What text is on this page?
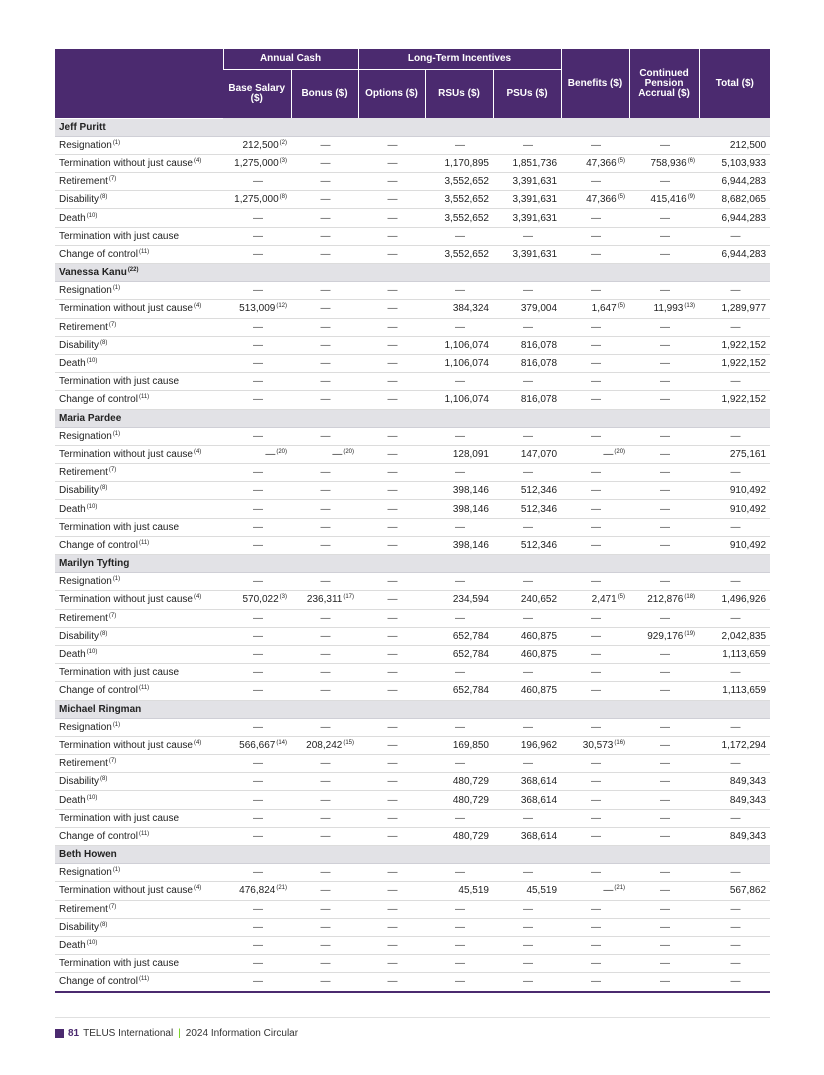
	Annual Cash		Long-Term Incentives			Benefits ($)	Continued Pension Accrual ($)	Total ($)
	Base Salary ($)	Bonus ($)	Options ($)	RSUs ($)	PSUs ($)			
Jeff Puritt								
Resignation$^{(1)}$	212,500$^{(2)}$	—	—	—	—	—	—	212,500
Termination without just cause$^{(4)}$	1,275,000$^{(3)}$	—	—	1,170,895	1,851,736	47,366$^{(5)}$	758,936$^{(6)}$	5,103,933
Retirement$^{(7)}$	—	—	—	3,552,652	3,391,631	—	—	6,944,283
Disability$^{(8)}$	1,275,000$^{(8)}$	—	—	3,552,652	3,391,631	47,366$^{(5)}$	415,416$^{(9)}$	8,682,065
Death$^{(10)}$	—	—	—	3,552,652	3,391,631	—	—	6,944,283
Termination with just cause	—	—	—	—	—	—	—	—
Change of control$^{(11)}$	—	—	—	3,552,652	3,391,631	—	—	6,944,283
Vanessa Kanu$^{(22)}$
Resignation$^{(1)}$	—	—	—	—	—	—	—	—
Termination without just cause$^{(4)}$	513,009$^{(12)}$	—	—	384,324	379,004	1,647$^{(5)}$	11,993$^{(13)}$	1,289,977
Retirement$^{(7)}$	—	—	—	—	—	—	—	—
Disability$^{(8)}$	—	—	—	1,106,074	816,078	—	—	1,922,152
Death$^{(10)}$	—	—	—	1,106,074	816,078	—	—	1,922,152
Termination with just cause	—	—	—	—	—	—	—	—
Change of control$^{(11)}$	—	—	—	1,106,074	816,078	—	—	1,922,152
Maria Pardee								
Resignation$^{(1)}$	—	—	—	—	—	—	—	—
Termination without just cause$^{(4)}$	—$^{(20)}$	—$^{(20)}$	—	128,091	147,070	—$^{(20)}$	—	275,161
Retirement$^{(7)}$	—	—	—	—	—	—	—	—
Disability$^{(8)}$	—	—	—	398,146	512,346	—	—	910,492
Death$^{(10)}$	—	—	—	398,146	512,346	—	—	910,492
Termination with just cause	—	—	—	—	—	—	—	—
Change of control$^{(11)}$	—	—	—	398,146	512,346	—	—	910,492
Marilyn Tyfting								
Resignation$^{(1)}$	—	—	—	—	—	—	—	—
Termination without just cause$^{(4)}$	570,022$^{(3)}$	236,311$^{(17)}$	—	234,594	240,652	2,471$^{(5)}$	212,876$^{(18)}$	1,496,926
Retirement$^{(7)}$	—	—	—	—	—	—	—	—
Disability$^{(8)}$	—	—	—	652,784	460,875	—	929,176$^{(19)}$	2,042,835
Death$^{(10)}$	—	—	—	652,784	460,875	—	—	1,113,659
Termination with just cause	—	—	—	—	—	—	—	—
Change of control$^{(11)}$	—	—	—	652,784	460,875	—	—	1,113,659
Michael Ringman								
Resignation$^{(1)}$	—	—	—	—	—	—	—	—
Termination without just cause$^{(4)}$	566,667$^{(14)}$	208,242$^{(15)}$	—	169,850	196,962	30,573$^{(16)}$	—	1,172,294
Retirement$^{(7)}$	—	—	—	—	—	—	—	—
Disability$^{(8)}$	—	—	—	480,729	368,614	—	—	849,343
Death$^{(10)}$	—	—	—	480,729	368,614	—	—	849,343
Termination with just cause	—	—	—	—	—	—	—	—
Change of control$^{(11)}$	—	—	—	480,729	368,614	—	—	849,343
Beth Howen								
Resignation$^{(1)}$	—	—	—	—	—	—	—	—
Termination without just cause$^{(4)}$	476,824$^{(21)}$	—	—	45,519	45,519	—$^{(21)}$	—	567,862
Retirement$^{(7)}$	—	—	—	—	—	—	—	—
Disability$^{(8)}$	—	—	—	—	—	—	—	—
Death$^{(10)}$	—	—	—	—	—	—	—	—
Termination with just cause	—	—	—	—	—	—	—	—
Change of control$^{(11)}$	—	—	—	—	—	—	—	—
81 TELUS International | 2024 Information Circular
